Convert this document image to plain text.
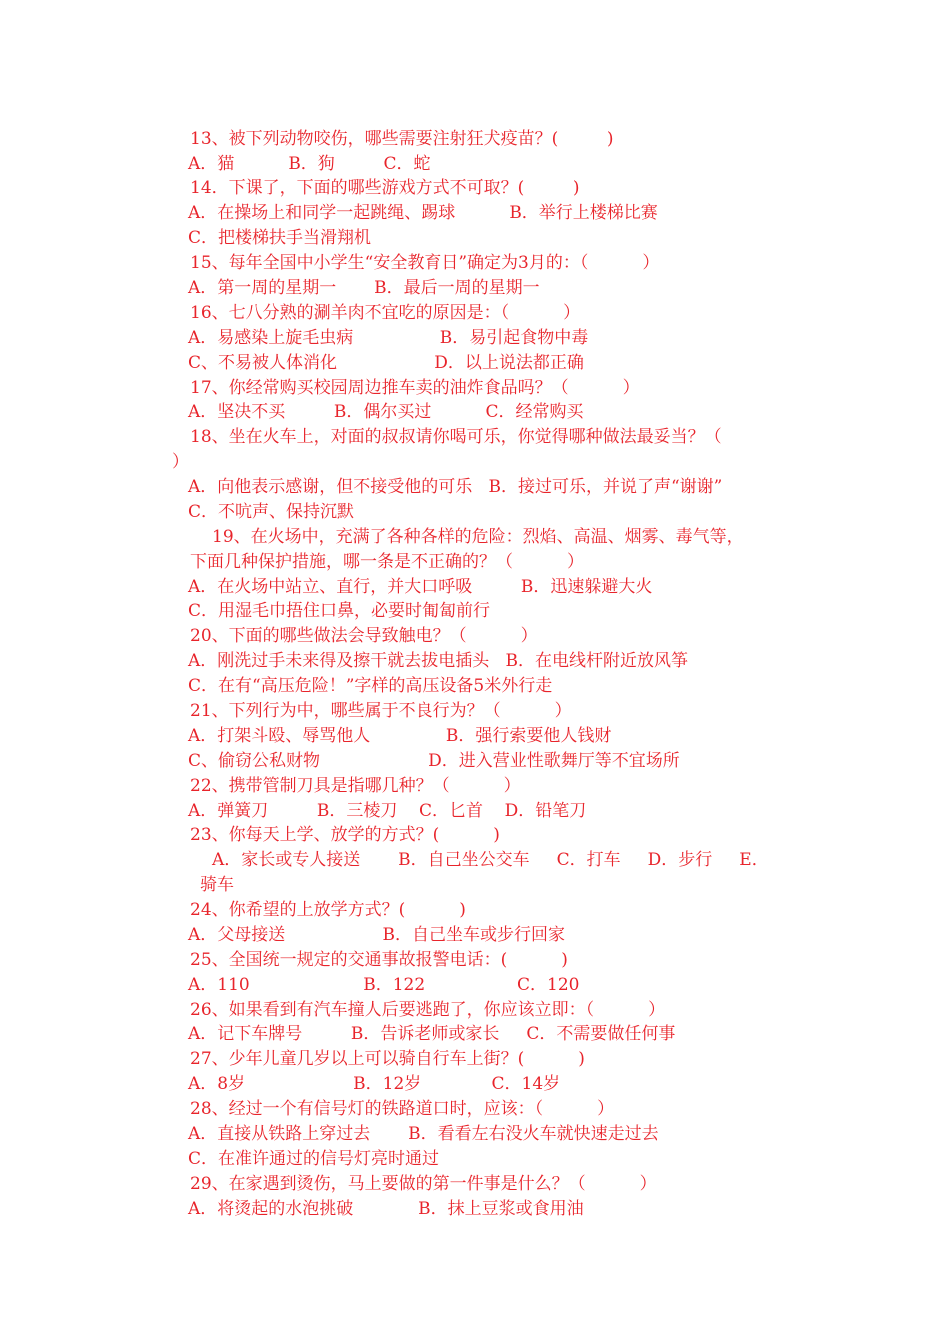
13、被下列动物咬伤，哪些需要注射狂犬疫苗？(         )
A．猫          B．狗         C．蛇
14．下课了，下面的哪些游戏方式不可取？(         )
A．在操场上和同学一起跳绳、踢球          B．举行上楼梯比赛
C．把楼梯扶手当滑翔机
15、每年全国中小学生“安全教育日”确定为3月的：（          ）
A．第一周的星期一       B．最后一周的星期一
16、七八分熟的涮羊肉不宜吃的原因是：（          ）
A．易感染上旋毛虫病                B．易引起食物中毒
C、不易被人体消化                  D．以上说法都正确
17、你经常购买校园周边推车卖的油炸食品吗？（          ）
A．坚决不买         B．偶尔买过          C．经常购买
18、坐在火车上，对面的叔叔请你喝可乐，你觉得哪种做法最妥当？（
）
A．向他表示感谢，但不接受他的可乐   B．接过可乐，并说了声“谢谢”
C．不吭声、保持沉默
19、在火场中，充满了各种各样的危险：烈焰、高温、烟雾、毒气等，
下面几种保护措施，哪一条是不正确的？（          ）
A．在火场中站立、直行，并大口呼吸         B．迅速躲避大火
C．用湿毛巾捂住口鼻，必要时匍匐前行
20、下面的哪些做法会导致触电？（          ）
A．刚洗过手未来得及擦干就去拔电插头   B．在电线杆附近放风筝
C．在有“高压危险！”字样的高压设备5米外行走
21、下列行为中，哪些属于不良行为？（          ）
A．打架斗殴、辱骂他人              B．强行索要他人钱财
C、偷窃公私财物                    D．进入营业性歌舞厅等不宜场所
22、携带管制刀具是指哪几种？（          ）
A．弹簧刀         B．三棱刀    C．匕首    D．铅笔刀
23、你每天上学、放学的方式？(          )
A．家长或专人接送       B．自己坐公交车     C．打车     D．步行     E．
骑车
24、你希望的上放学方式？(          )
A．父母接送                  B．自己坐车或步行回家
25、全国统一规定的交通事故报警电话：(          )
A．110                     B．122                 C．120
26、如果看到有汽车撞人后要逃跑了，你应该立即：（          ）
A．记下车牌号         B．告诉老师或家长     C．不需要做任何事
27、少年儿童几岁以上可以骑自行车上街？(          )
A．8岁                    B．12岁             C．14岁
28、经过一个有信号灯的铁路道口时，应该：（          ）
A．直接从铁路上穿过去       B．看看左右没火车就快速走过去
C．在准许通过的信号灯亮时通过
29、在家遇到烫伤，马上要做的第一件事是什么？（          ）
A．将烫起的水泡挑破            B．抹上豆浆或食用油
